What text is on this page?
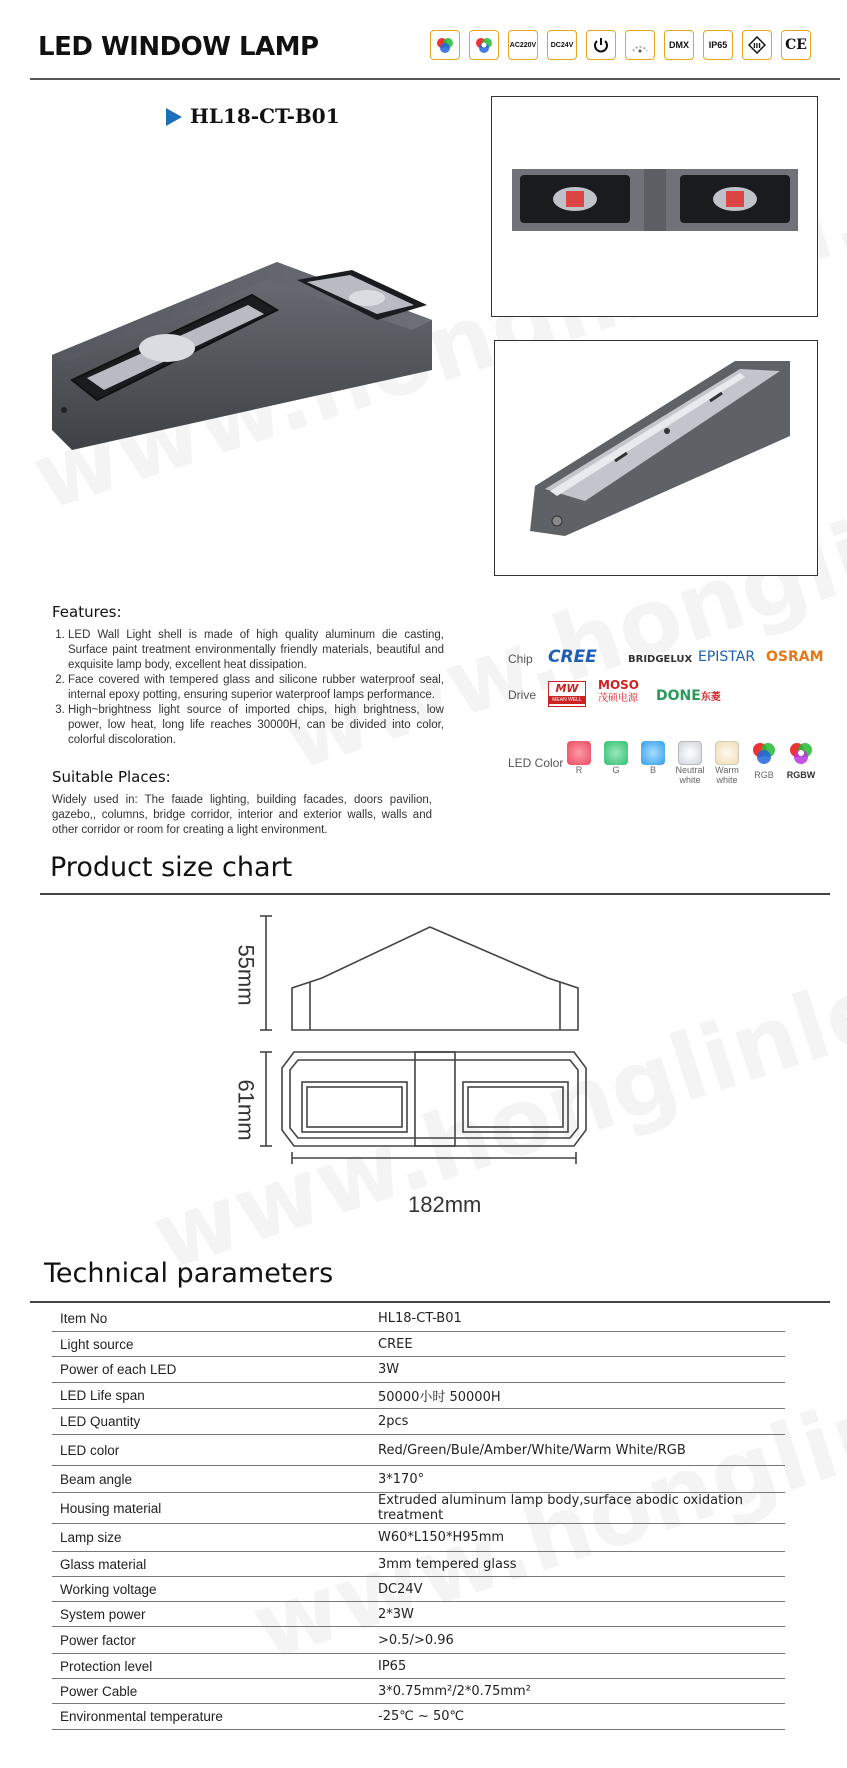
LED WINDOW LAMP	AC220V	DC24V	DMX	IP65	III CE
HL18-CT-B01
Features:
1. LED Wall Light shell is made of high quality aluminum die casting, Surface paint treatment environmentally friendly materials, beautiful and exquisite lamp body, excellent heat dissipation.
2. Face covered with tempered glass and silicone rubber waterproof seal, internal epoxy potting, ensuring superior waterproof lamps performance.
3. High~brightness light source of imported chips, high brightness, low power, low heat, long life reaches 30000H, can be divided into color, colorful discoloration.
Suitable Places:
Widely used in: The faɩade lighting, building facades, doors pavilion, gazebo,, columns, bridge corridor, interior and exterior walls, walls and other corridor or room for creating a light environment.
Chip CREE	BRIDGELUX EPISTAR OSRAM
Drive	MW
MEAN WELL
MOSO
茂硕电源 DONE东菱
LED Color	R	G	B	Neutral white
Warm white	RGB	RGBW
Product size chart
55mm
61mm
182mm
Technical parameters
Item No	HL18-CT-B01
Light source	CREE
Power of each LED	3W
LED Life span	50000小时 50000H
LED Quantity	2pcs
LED color	Red/Green/Bule/Amber/White/Warm White/RGB
Beam angle	3*170°
Housing material	Extruded aluminum lamp body,surface abodic oxidation treatment
Lamp size	W60*L150*H95mm
Glass material	3mm tempered glass
Working voltage	DC24V
System power	2*3W
Power factor	>0.5/>0.96
Protection level	IP65
Power Cable	3*0.75mm²/2*0.75mm²
Environmental temperature	-25℃ ~ 50℃
